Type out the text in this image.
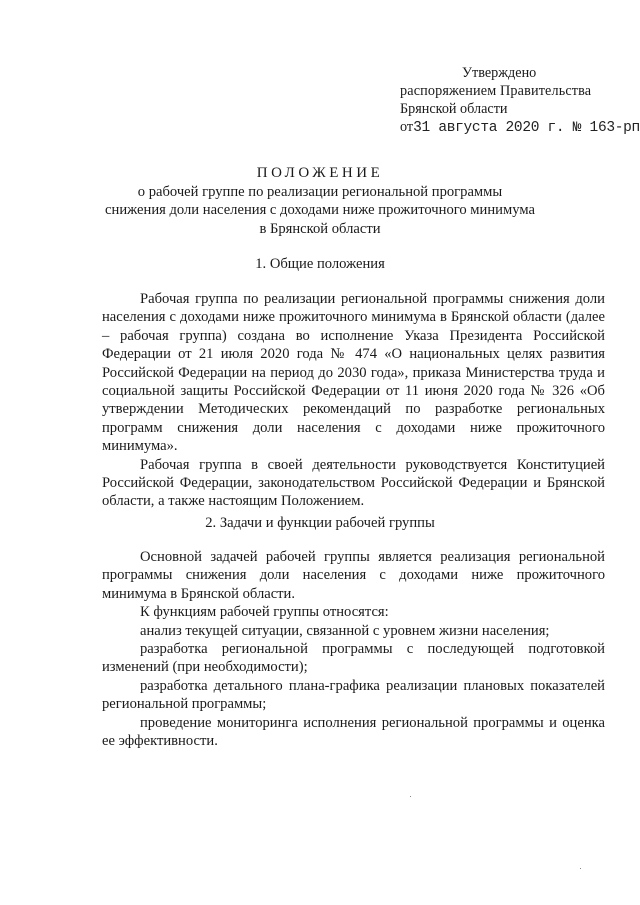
Утверждено
распоряжением Правительства
Брянской области
от31 августа 2020 г. № 163-рп
ПОЛОЖЕНИЕ
о рабочей группе по реализации региональной программы
снижения доли населения с доходами ниже прожиточного минимума
в Брянской области
1. Общие положения

Рабочая группа по реализации региональной программы снижения доли населения с доходами ниже прожиточного минимума в Брянской области (далее – рабочая группа) создана во исполнение Указа Президента Российской Федерации от 21 июля 2020 года № 474 «О национальных целях развития Российской Федерации на период до 2030 года», приказа Министерства труда и социальной защиты Российской Федерации от 11 июня 2020 года № 326 «Об утверждении Методических рекомендаций по разработке региональных программ снижения доли населения с доходами ниже прожиточного минимума».

Рабочая группа в своей деятельности руководствуется Конституцией Российской Федерации, законодательством Российской Федерации и Брянской области, а также настоящим Положением.

2. Задачи и функции рабочей группы

Основной задачей рабочей группы является реализация региональной программы снижения доли населения с доходами ниже прожиточного минимума в Брянской области.

К функциям рабочей группы относятся:

анализ текущей ситуации, связанной с уровнем жизни населения;

разработка региональной программы с последующей подготовкой изменений (при необходимости);

разработка детального плана-графика реализации плановых показателей региональной программы;

проведение мониторинга исполнения региональной программы и оценка ее эффективности.
